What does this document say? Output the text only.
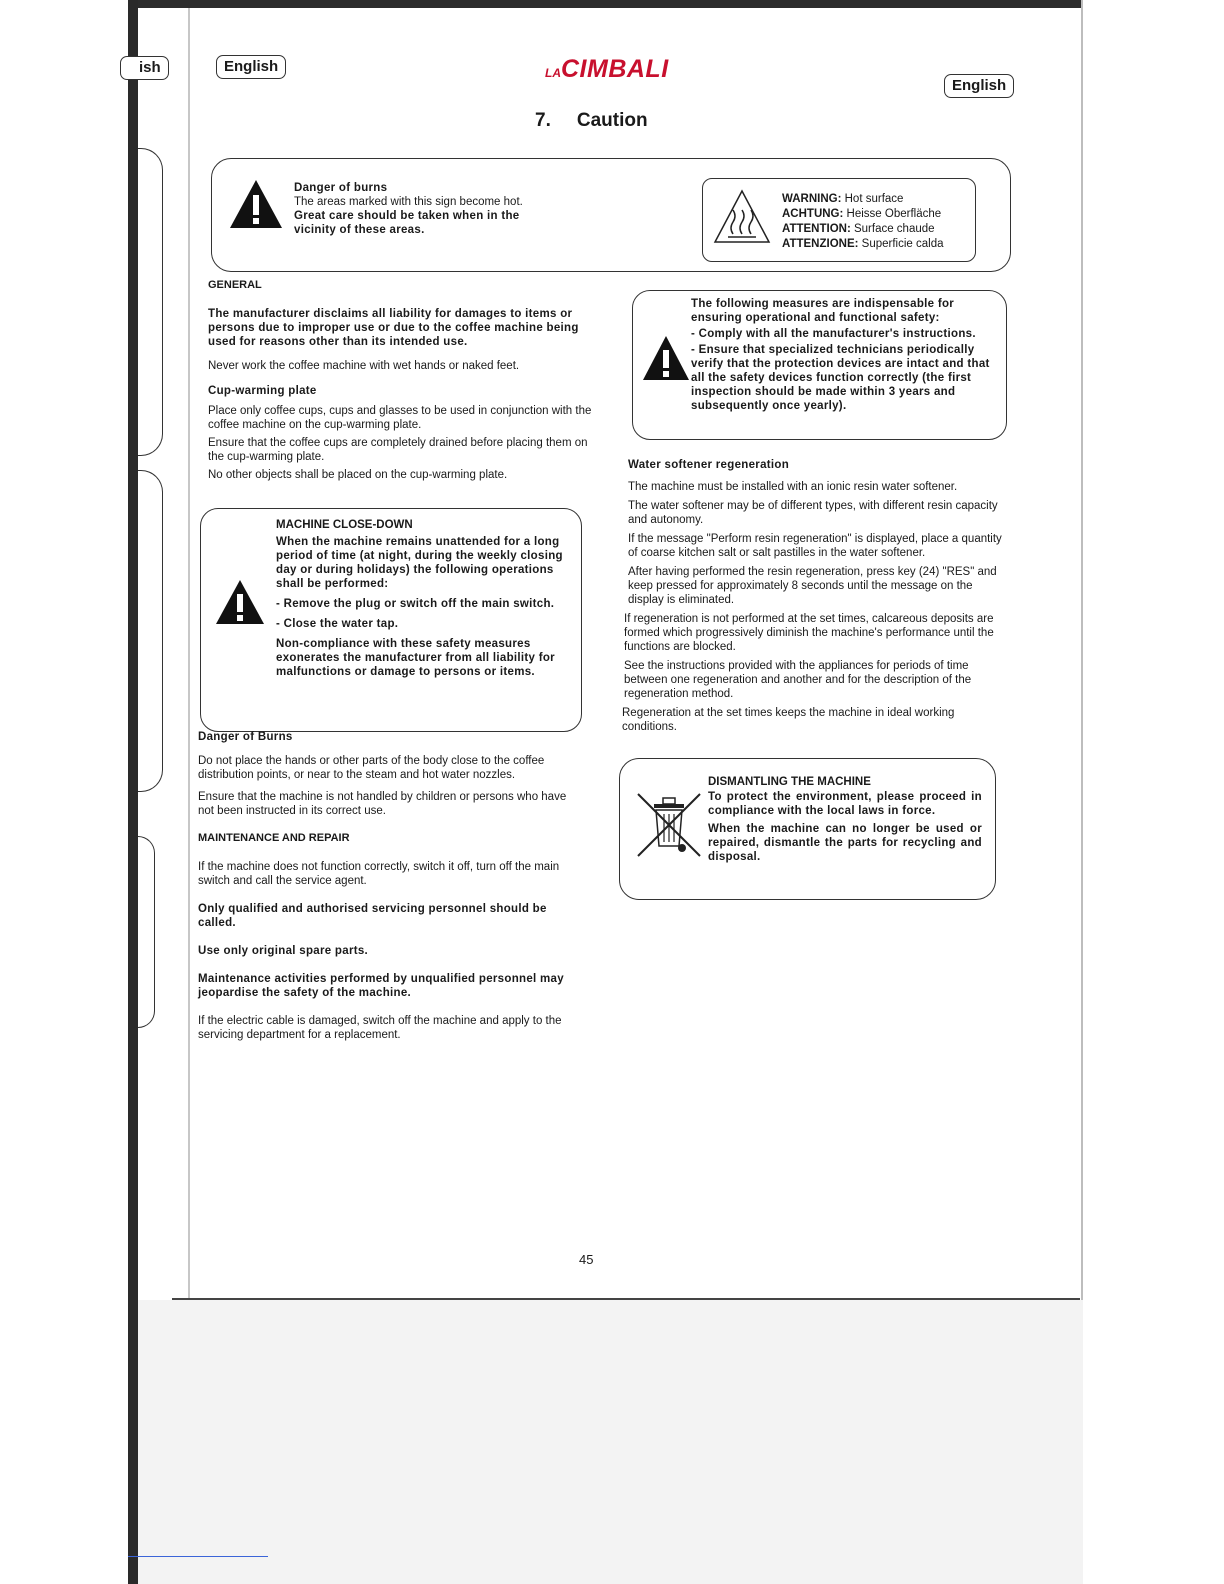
ish	English
English
LACIMBALI
7. Caution

Danger of burns

The areas marked with this sign become hot.

Great care should be taken when in the vicinity of these areas.

WARNING: Hot surface
ACHTUNG: Heisse Oberfläche
ATTENTION: Surface chaude
ATTENZIONE: Superficie calda

GENERAL

The manufacturer disclaims all liability for damages to items or persons due to improper use or due to the coffee machine being used for reasons other than its intended use.

Never work the coffee machine with wet hands or naked feet.

Cup-warming plate

Place only coffee cups, cups and glasses to be used in conjunction with the coffee machine on the cup-warming plate.

Ensure that the coffee cups are completely drained before placing them on the cup-warming plate.

No other objects shall be placed on the cup-warming plate.

MACHINE CLOSE-DOWN

When the machine remains unattended for a long period of time (at night, during the weekly closing day or during holidays) the following operations shall be performed:

- Remove the plug or switch off the main switch.

- Close the water tap.

Non-compliance with these safety measures exonerates the manufacturer from all liability for malfunctions or damage to persons or items.

Danger of Burns

Do not place the hands or other parts of the body close to the coffee distribution points, or near to the steam and hot water nozzles.

Ensure that the machine is not handled by children or persons who have not been instructed in its correct use.

MAINTENANCE AND REPAIR

If the machine does not function correctly, switch it off, turn off the main switch and call the service agent.

Only qualified and authorised servicing personnel should be called.

Use only original spare parts.

Maintenance activities performed by unqualified personnel may jeopardise the safety of the machine.

If the electric cable is damaged, switch off the machine and apply to the servicing department for a replacement.

The following measures are indispensable for ensuring operational and functional safety:

- Comply with all the manufacturer's instructions.

- Ensure that specialized technicians periodically verify that the protection devices are intact and that all the safety devices function correctly (the first inspection should be made within 3 years and subsequently once yearly).

Water softener regeneration

The machine must be installed with an ionic resin water softener.

The water softener may be of different types, with different resin capacity and autonomy.

If the message "Perform resin regeneration" is displayed, place a quantity of coarse kitchen salt or salt pastilles in the water softener.

After having performed the resin regeneration, press key (24) "RES" and keep pressed for approximately 8 seconds until the message on the display is eliminated.

If regeneration is not performed at the set times, calcareous deposits are formed which progressively diminish the machine's performance until the functions are blocked.

See the instructions provided with the appliances for periods of time between one regeneration and another and for the description of the regeneration method.

Regeneration at the set times keeps the machine in ideal working conditions.

DISMANTLING THE MACHINE

To protect the environment, please proceed in compliance with the local laws in force.

When the machine can no longer be used or repaired, dismantle the parts for recycling and disposal.

45
